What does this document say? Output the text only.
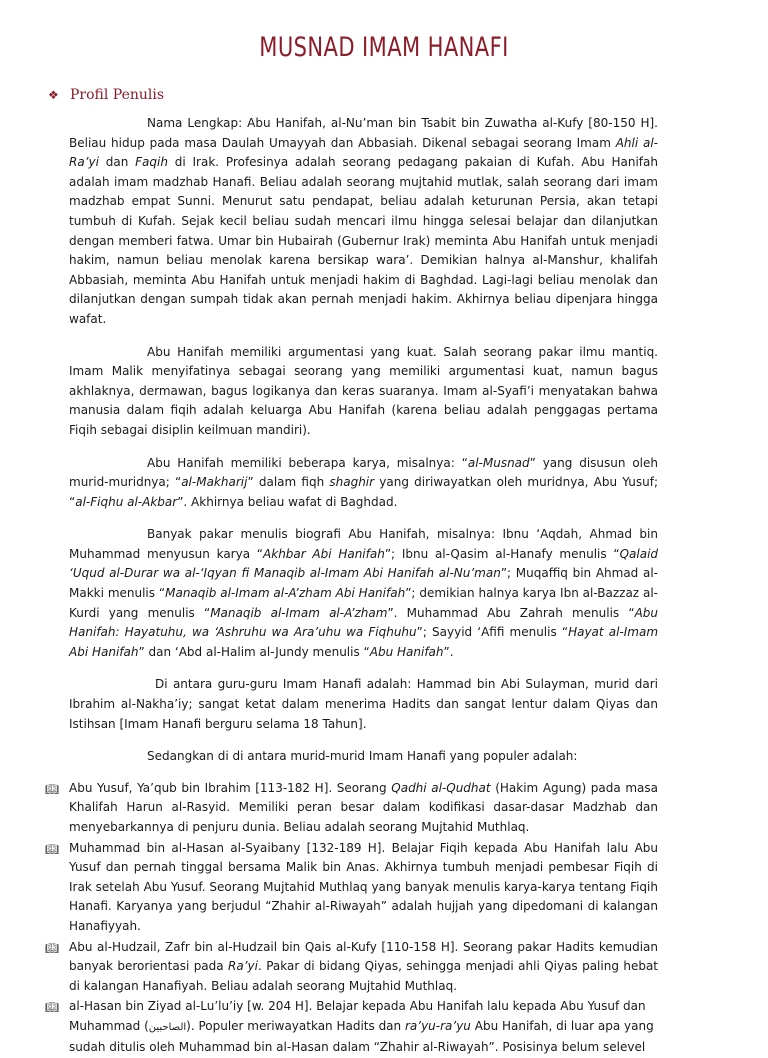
MUSNAD IMAM HANAFI
❖ Profil Penulis

Nama Lengkap: Abu Hanifah, al-Nu’man bin Tsabit bin Zuwatha al-Kufy [80-150 H]. Beliau hidup pada masa Daulah Umayyah dan Abbasiah. Dikenal sebagai seorang Imam Ahli al-Ra’yi dan Faqih di Irak. Profesinya adalah seorang pedagang pakaian di Kufah. Abu Hanifah adalah imam madzhab Hanafi. Beliau adalah seorang mujtahid mutlak, salah seorang dari imam madzhab empat Sunni. Menurut satu pendapat, beliau adalah keturunan Persia, akan tetapi tumbuh di Kufah. Sejak kecil beliau sudah mencari ilmu hingga selesai belajar dan dilanjutkan dengan memberi fatwa. Umar bin Hubairah (Gubernur Irak) meminta Abu Hanifah untuk menjadi hakim, namun beliau menolak karena bersikap wara’. Demikian halnya al-Manshur, khalifah Abbasiah, meminta Abu Hanifah untuk menjadi hakim di Baghdad. Lagi-lagi beliau menolak dan dilanjutkan dengan sumpah tidak akan pernah menjadi hakim. Akhirnya beliau dipenjara hingga wafat.

Abu Hanifah memiliki argumentasi yang kuat. Salah seorang pakar ilmu mantiq. Imam Malik menyifatinya sebagai seorang yang memiliki argumentasi kuat, namun bagus akhlaknya, dermawan, bagus logikanya dan keras suaranya. Imam al-Syafi’i menyatakan bahwa manusia dalam fiqih adalah keluarga Abu Hanifah (karena beliau adalah penggagas pertama Fiqih sebagai disiplin keilmuan mandiri).

Abu Hanifah memiliki beberapa karya, misalnya: “al-Musnad” yang disusun oleh murid-muridnya; “al-Makharij” dalam fiqh shaghir yang diriwayatkan oleh muridnya, Abu Yusuf; “al-Fiqhu al-Akbar”. Akhirnya beliau wafat di Baghdad.

Banyak pakar menulis biografi Abu Hanifah, misalnya: Ibnu ‘Aqdah, Ahmad bin Muhammad menyusun karya “Akhbar Abi Hanifah”; Ibnu al-Qasim al-Hanafy menulis “Qalaid ‘Uqud al-Durar wa al-‘Iqyan fi Manaqib al-Imam Abi Hanifah al-Nu’man”; Muqaffiq bin Ahmad al-Makki menulis “Manaqib al-Imam al-A’zham Abi Hanifah”; demikian halnya karya Ibn al-Bazzaz al-Kurdi yang menulis “Manaqib al-Imam al-A’zham”. Muhammad Abu Zahrah menulis “Abu Hanifah: Hayatuhu, wa ‘Ashruhu wa Ara’uhu wa Fiqhuhu”; Sayyid ‘Afifi menulis “Hayat al-Imam Abi Hanifah” dan ‘Abd al-Halim al-Jundy menulis “Abu Hanifah”.

Di antara guru-guru Imam Hanafi adalah: Hammad bin Abi Sulayman, murid dari Ibrahim al-Nakha’iy; sangat ketat dalam menerima Hadits dan sangat lentur dalam Qiyas dan Istihsan [Imam Hanafi berguru selama 18 Tahun].

Sedangkan di di antara murid-murid Imam Hanafi yang populer adalah:

📖︎ Abu Yusuf, Ya’qub bin Ibrahim [113-182 H]. Seorang Qadhi al-Qudhat (Hakim Agung) pada masa Khalifah Harun al-Rasyid. Memiliki peran besar dalam kodifikasi dasar-dasar Madzhab dan menyebarkannya di penjuru dunia. Beliau adalah seorang Mujtahid Muthlaq.
📖︎ Muhammad bin al-Hasan al-Syaibany [132-189 H]. Belajar Fiqih kepada Abu Hanifah lalu Abu Yusuf dan pernah tinggal bersama Malik bin Anas. Akhirnya tumbuh menjadi pembesar Fiqih di Irak setelah Abu Yusuf. Seorang Mujtahid Muthlaq yang banyak menulis karya-karya tentang Fiqih Hanafi. Karyanya yang berjudul “Zhahir al-Riwayah” adalah hujjah yang dipedomani di kalangan Hanafiyyah.
📖︎ Abu al-Hudzail, Zafr bin al-Hudzail bin Qais al-Kufy [110-158 H]. Seorang pakar Hadits kemudian banyak berorientasi pada Ra’yi. Pakar di bidang Qiyas, sehingga menjadi ahli Qiyas paling hebat di kalangan Hanafiyah. Beliau adalah seorang Mujtahid Muthlaq.
📖︎ al-Hasan bin Ziyad al-Lu’lu’iy [w. 204 H]. Belajar kepada Abu Hanifah lalu kepada Abu Yusuf dan Muhammad (الصاحبين). Populer meriwayatkan Hadits dan ra’yu-ra’yu Abu Hanifah, di luar apa yang sudah ditulis oleh Muhammad bin al-Hasan dalam “Zhahir al-Riwayah”. Posisinya belum selevel
